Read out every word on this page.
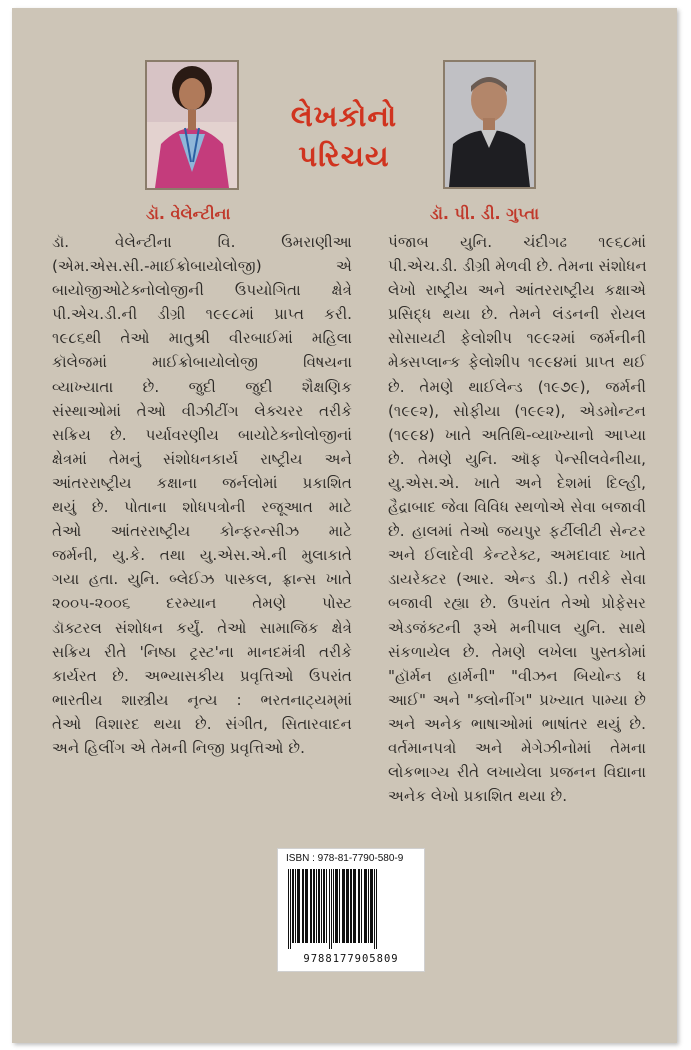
લેખકોનો
પરિચય
ડૉ. વેલેન્ટીના	ડૉ. પી. ડી. ગુપ્તા
ડૉ. વેલેન્ટીના વિ. ઉમરાણીઆ
(એમ.એસ.સી.-માઈક્રોબાયોલોજી) એ
બાયોજીઓટેક્નોલોજીની ઉપયોગિતા ક્ષેત્રે
પી.એચ.ડી.ની ડીગ્રી ૧૯૯૮માં પ્રાપ્ત કરી.
૧૯૮૬થી તેઓ માતુશ્રી વીરબાઈમાં મહિલા
કૉલેજમાં માઈક્રોબાયોલોજી વિષયના
વ્યાખ્યાતા છે. જુદી જુદી શૈક્ષણિક
સંસ્થાઓમાં તેઓ વીઝીટીંગ લેક્ચરર તરીકે
સક્રિય છે. પર્યાવરણીય બાયોટેક્નોલોજીનાં
ક્ષેત્રમાં તેમનું સંશોધનકાર્ય રાષ્ટ્રીય અને
આંતરરાષ્ટ્રીય કક્ષાના જર્નલોમાં પ્રકાશિત
થયું છે. પોતાના શોધપત્રોની રજૂઆત માટે
તેઓ આંતરરાષ્ટ્રીય કોન્ફરન્સીઝ માટે
જર્મની, યુ.કે. તથા યુ.એસ.એ.ની મુલાકાતે
ગયા હતા. યુનિ. બ્લેઈઝ પાસ્કલ, ફ્રાન્સ ખાતે
૨૦૦૫-૨૦૦૬ દરમ્યાન તેમણે પોસ્ટ
ડૉક્ટરલ સંશોધન કર્યું. તેઓ સામાજિક ક્ષેત્રે
સક્રિય રીતે 'નિષ્ઠા ટ્રસ્ટ'ના માનદમંત્રી તરીકે
કાર્યરત છે. અભ્યાસકીય પ્રવૃત્તિઓ ઉપરાંત
ભારતીય શાસ્ત્રીય નૃત્ય : ભરતનાટ્યમ્‌માં
તેઓ વિશારદ થયા છે. સંગીત, સિતારવાદન
અને હિલીંગ એ તેમની નિજી પ્રવૃત્તિઓ છે.
પંજાબ યુનિ. ચંદીગઢ ૧૯૬૮માં
પી.એચ.ડી. ડીગ્રી મેળવી છે. તેમના સંશોધન
લેખો રાષ્ટ્રીય અને આંતરરાષ્ટ્રીય કક્ષાએ
પ્રસિદ્ધ થયા છે. તેમને લંડનની રોયલ
સોસાયટી ફેલોશીપ ૧૯૯૨માં જર્મનીની
મેક્સપ્લાન્ક ફેલોશીપ ૧૯૯૪માં પ્રાપ્ત થઈ
છે. તેમણે થાઈલેન્ડ (૧૯૭૯), જર્મની
(૧૯૯૨), સોફીયા (૧૯૯૨), એડમોન્ટન
(૧૯૯૪) ખાતે અતિથિ-વ્યાખ્યાનો આપ્યા
છે. તેમણે યુનિ. ઑફ પેન્સીલવેનીયા,
યુ.એસ.એ. ખાતે અને દેશમાં દિલ્હી,
હૈદ્રાબાદ જેવા વિવિધ સ્થળોએ સેવા બજાવી
છે. હાલમાં તેઓ જયપુર ફર્ટીલીટી સેન્ટર
અને ઈલાદેવી કેન્ટરેક્ટ, અમદાવાદ ખાતે
ડાયરેક્ટર (આર. એન્ડ ડી.) તરીકે સેવા
બજાવી રહ્યા છે. ઉપરાંત તેઓ પ્રોફેસર
એડજંક્ટની રૂએ મનીપાલ યુનિ. સાથે
સંકળાયેલ છે. તેમણે લખેલા પુસ્તકોમાં
"હૉર્મન હાર્મની" "વીઝન બિયોન્ડ ધ
આઈ" અને "ક્લોનીંગ" પ્રખ્યાત પામ્યા છે
અને અનેક ભાષાઓમાં ભાષાંતર થયું છે.
વર્તમાનપત્રો અને મેગેઝીનોમાં તેમના
લોકભાગ્ય રીતે લખાયેલા પ્રજનન વિદ્યાના
અનેક લેખો પ્રકાશિત થયા છે.
ISBN : 978-81-7790-580-9
9788177905809
